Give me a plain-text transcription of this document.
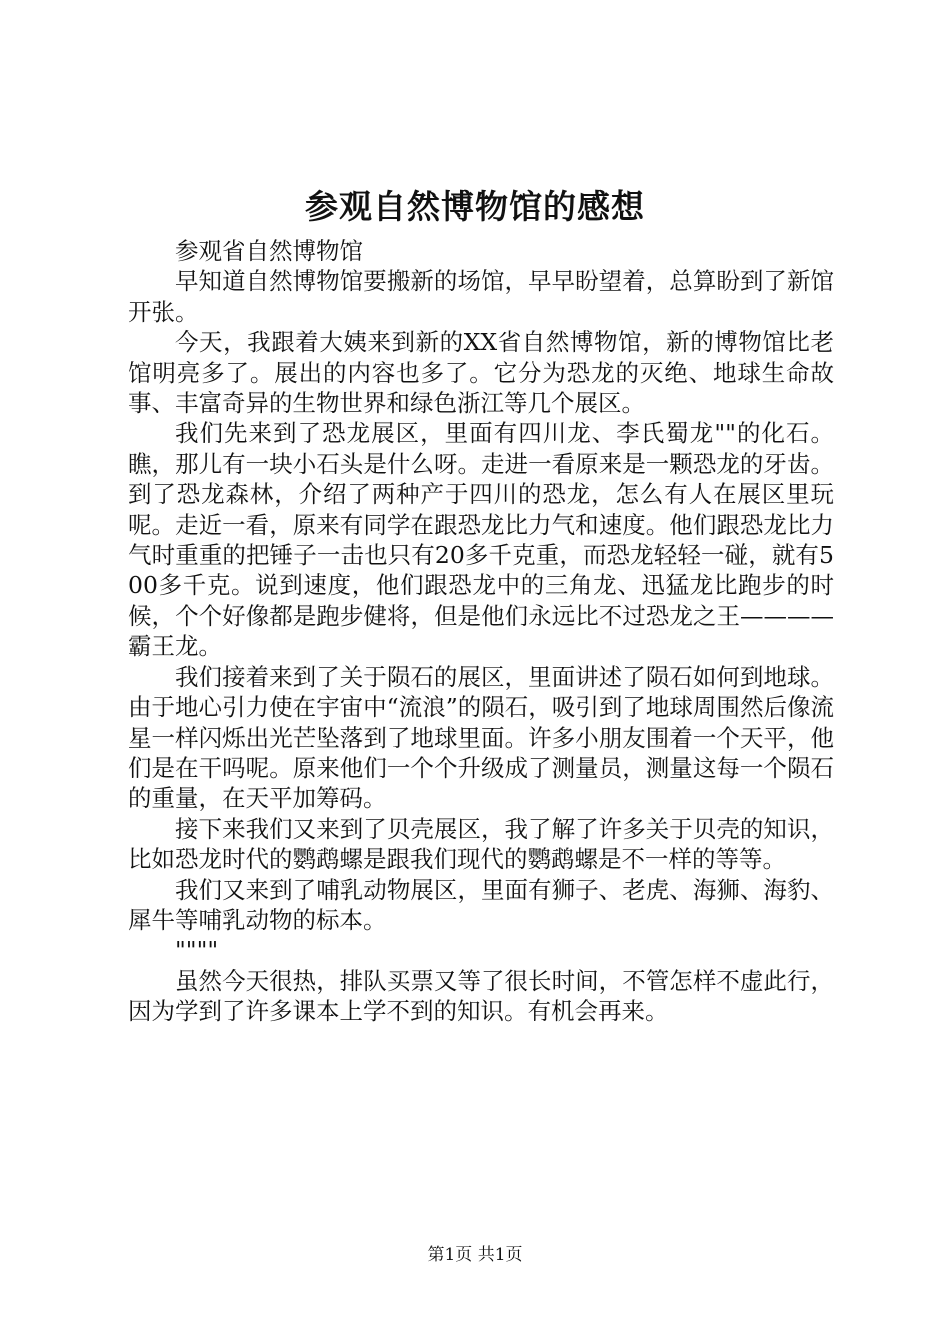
参观自然博物馆的感想

参观省自然博物馆

早知道自然博物馆要搬新的场馆，早早盼望着，总算盼到了新馆开张。

今天，我跟着大姨来到新的XX省自然博物馆，新的博物馆比老馆明亮多了。展出的内容也多了。它分为恐龙的灭绝、地球生命故事、丰富奇异的生物世界和绿色浙江等几个展区。

我们先来到了恐龙展区，里面有四川龙、李氏蜀龙""的化石。瞧，那儿有一块小石头是什么呀。走进一看原来是一颗恐龙的牙齿。到了恐龙森林，介绍了两种产于四川的恐龙，怎么有人在展区里玩呢。走近一看，原来有同学在跟恐龙比力气和速度。他们跟恐龙比力气时重重的把锤子一击也只有20多千克重，而恐龙轻轻一碰，就有500多千克。说到速度，他们跟恐龙中的三角龙、迅猛龙比跑步的时候，个个好像都是跑步健将，但是他们永远比不过恐龙之王————霸王龙。

我们接着来到了关于陨石的展区，里面讲述了陨石如何到地球。由于地心引力使在宇宙中“流浪”的陨石，吸引到了地球周围然后像流星一样闪烁出光芒坠落到了地球里面。许多小朋友围着一个天平，他们是在干吗呢。原来他们一个个升级成了测量员，测量这每一个陨石的重量，在天平加筹码。

接下来我们又来到了贝壳展区，我了解了许多关于贝壳的知识，比如恐龙时代的鹦鹉螺是跟我们现代的鹦鹉螺是不一样的等等。

我们又来到了哺乳动物展区，里面有狮子、老虎、海狮、海豹、犀牛等哺乳动物的标本。

""""

虽然今天很热，排队买票又等了很长时间，不管怎样不虚此行，因为学到了许多课本上学不到的知识。有机会再来。

第1页 共1页
